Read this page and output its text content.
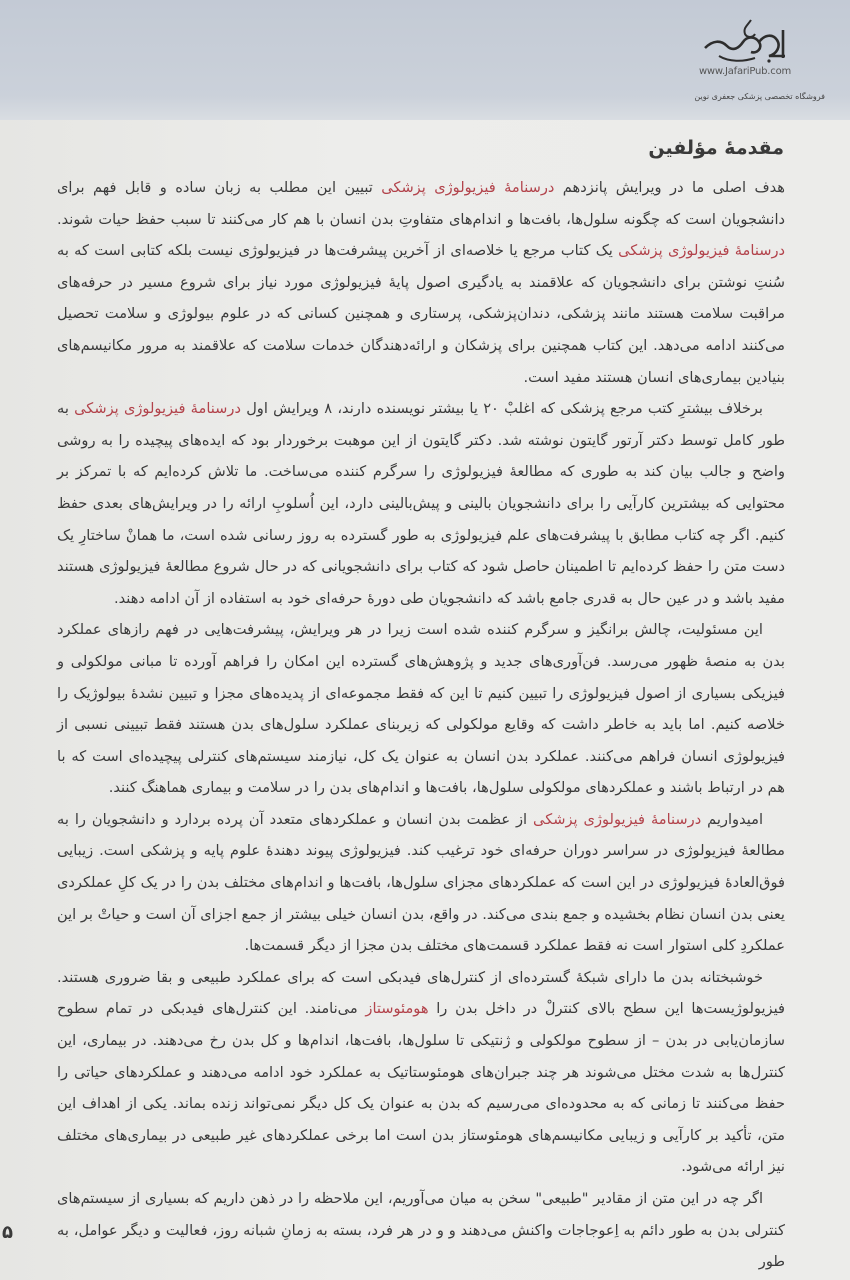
www.JafariPub.com
فروشگاه تخصصی پزشکی جعفری نوین
مقدمهٔ مؤلفین

هدف اصلی ما در ویرایش پانزدهم درسنامهٔ فیزیولوژی پزشکی تبیین این مطلب به زبان ساده و قابل فهم برای دانشجویان است که چگونه سلول‌ها، بافت‌ها و اندام‌های متفاوتِ بدن انسان با هم کار می‌کنند تا سبب حفظ حیات شوند. درسنامهٔ فیزیولوژی پزشکی یک کتاب مرجع یا خلاصه‌ای از آخرین پیشرفت‌ها در فیزیولوژی نیست بلکه کتابی است که به سُنتِ نوشتن برای دانشجویان که علاقمند به یادگیری اصول پایهٔ فیزیولوژی مورد نیاز برای شروع مسیر در حرفه‌های مراقبت سلامت هستند مانند پزشکی، دندان‌پزشکی، پرستاری و همچنین کسانی که در علوم بیولوژی و سلامت تحصیل می‌کنند ادامه می‌دهد. این کتاب همچنین برای پزشکان و ارائه‌دهندگان خدمات سلامت که علاقمند به مرور مکانیسم‌های بنیادین بیماری‌های انسان هستند مفید است.

برخلاف بیشترِ کتب مرجع پزشکی که اغلبْ ۲۰ یا بیشتر نویسنده دارند، ۸ ویرایش اول درسنامهٔ فیزیولوژی پزشکی به طور کامل توسط دکتر آرتور گایتون نوشته شد. دکتر گایتون از این موهبت برخوردار بود که ایده‌های پیچیده را به روشی واضح و جالب بیان کند به طوری که مطالعهٔ فیزیولوژی را سرگرم کننده می‌ساخت. ما تلاش کرده‌ایم که با تمرکز بر محتوایی که بیشترین کارآیی را برای دانشجویان بالینی و پیش‌بالینی دارد، این اُسلوبِ ارائه را در ویرایش‌های بعدی حفظ کنیم. اگر چه کتاب مطابق با پیشرفت‌های علم فیزیولوژی به طور گسترده به روز رسانی شده است، ما همانْ ساختارِ یک دست متن را حفظ کرده‌ایم تا اطمینان حاصل شود که کتاب برای دانشجویانی که در حال شروع مطالعهٔ فیزیولوژی هستند مفید باشد و در عین حال به قدری جامع باشد که دانشجویان طی دورهٔ حرفه‌ای خود به استفاده از آن ادامه دهند.

این مسئولیت، چالش برانگیز و سرگرم کننده شده است زیرا در هر ویرایش، پیشرفت‌هایی در فهم رازهای عملکرد بدن به منصهٔ ظهور می‌رسد. فن‌آوری‌های جدید و پژوهش‌های گسترده این امکان را فراهم آورده تا مبانی مولکولی و فیزیکی بسیاری از اصول فیزیولوژی را تبیین کنیم تا این که فقط مجموعه‌ای از پدیده‌های مجزا و تبیین نشدهٔ بیولوژیک را خلاصه کنیم. اما باید به خاطر داشت که وقایع مولکولی که زیربنای عملکرد سلول‌های بدن هستند فقط تبیینی نسبی از فیزیولوژی انسان فراهم می‌کنند. عملکرد بدن انسان به عنوان یک کل، نیازمند سیستم‌های کنترلی پیچیده‌ای است که با هم در ارتباط باشند و عملکردهای مولکولی سلول‌ها، بافت‌ها و اندام‌های بدن را در سلامت و بیماری هماهنگ کنند.

امیدواریم درسنامهٔ فیزیولوژی پزشکی از عظمت بدن انسان و عملکردهای متعدد آن پرده بردارد و دانشجویان را به مطالعهٔ فیزیولوژی در سراسر دوران حرفه‌ای خود ترغیب کند. فیزیولوژی پیوند دهندهٔ علوم پایه و پزشکی است. زیبایی فوق‌العادهٔ فیزیولوژی در این است که عملکردهای مجزای سلول‌ها، بافت‌ها و اندام‌های مختلف بدن را در یک کلِ عملکردی یعنی بدن انسان نظام بخشیده و جمع بندی می‌کند. در واقع، بدن انسان خیلی بیشتر از جمع اجزای آن است و حیاتْ بر این عملکردِ کلی استوار است نه فقط عملکرد قسمت‌های مختلف بدن مجزا از دیگر قسمت‌ها.

خوشبختانه بدن ما دارای شبکهٔ گسترده‌ای از کنترل‌های فیدبکی است که برای عملکرد طبیعی و بقا ضروری هستند. فیزیولوژیست‌ها این سطح بالای کنترلْ در داخل بدن را هومئوستاز می‌نامند. این کنترل‌های فیدبکی در تمام سطوح سازمان‌یابی در بدن – از سطوح مولکولی و ژنتیکی تا سلول‌ها، بافت‌ها، اندام‌ها و کل بدن رخ می‌دهند. در بیماری، این کنترل‌ها به شدت مختل می‌شوند هر چند جبران‌های هومئوستاتیک به عملکرد خود ادامه می‌دهند و عملکردهای حیاتی را حفظ می‌کنند تا زمانی که به محدوده‌ای می‌رسیم که بدن به عنوان یک کل دیگر نمی‌تواند زنده بماند. یکی از اهداف این متن، تأکید بر کارآیی و زیبایی مکانیسم‌های هومئوستاز بدن است اما برخی عملکردهای غیر طبیعی در بیماری‌های مختلف نیز ارائه می‌شود.

اگر چه در این متن از مقادیر "طبیعی" سخن به میان می‌آوریم، این ملاحظه را در ذهن داریم که بسیاری از سیستم‌های کنترلی بدن به طور دائم به اِعوجاجات واکنش می‌دهند و و در هر فرد، بسته به زمانِ شبانه روز، فعالیت و دیگر عوامل، به طور

۵
